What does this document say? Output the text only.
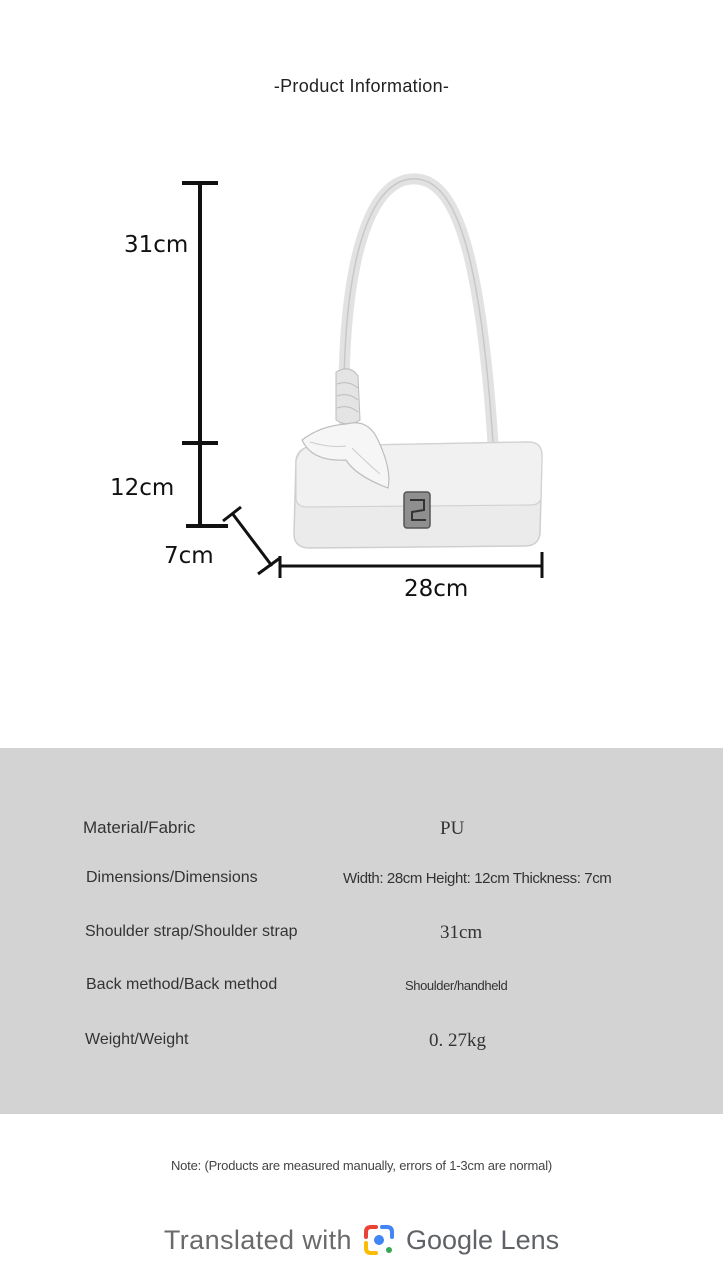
-Product Information-
31cm
12cm
7cm
28cm
Material/Fabric	PU
Dimensions/Dimensions	Width: 28cm Height: 12cm Thickness: 7cm
Shoulder strap/Shoulder strap	31cm
Back method/Back method	Shoulder/handheld
Weight/Weight	0. 27kg
Note: (Products are measured manually, errors of 1-3cm are normal)
Translated with Google Lens
